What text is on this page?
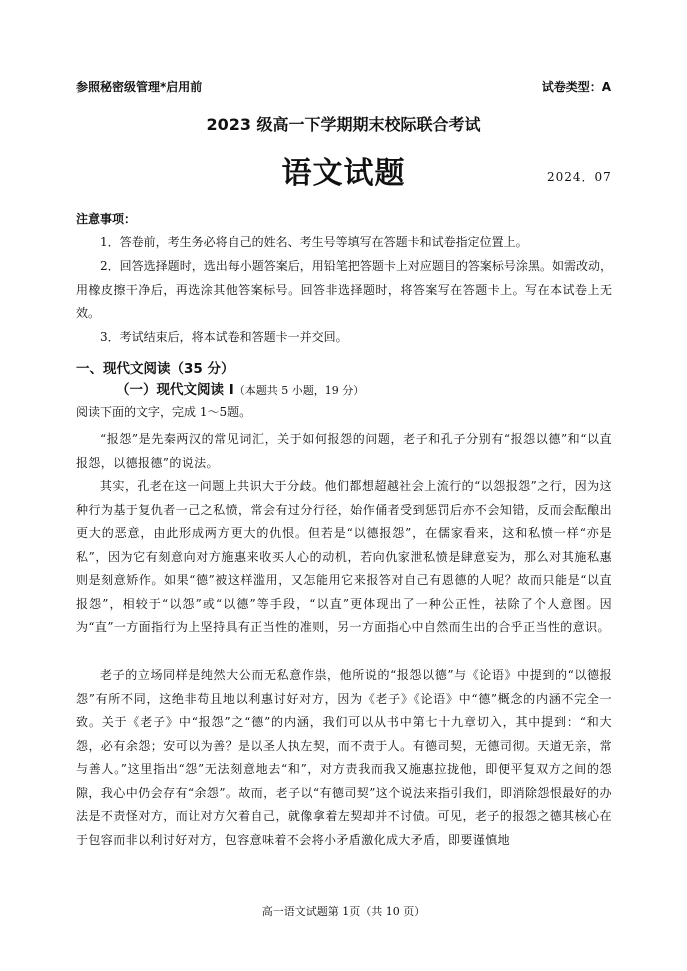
参照秘密级管理*启用前	试卷类型：A
2023 级高一下学期期末校际联合考试
语文试题	2024．07
注意事项：
1．答卷前，考生务必将自己的姓名、考生号等填写在答题卡和试卷指定位置上。
2．回答选择题时，选出每小题答案后，用铅笔把答题卡上对应题目的答案标号涂黑。如需改动，用橡皮擦干净后，再选涂其他答案标号。回答非选择题时，将答案写在答题卡上。写在本试卷上无效。
3．考试结束后，将本试卷和答题卡一并交回。
一、现代文阅读（35 分）
（一）现代文阅读 Ⅰ（本题共 5 小题，19 分）
阅读下面的文字，完成 1～5题。
“报怨”是先秦两汉的常见词汇，关于如何报怨的问题，老子和孔子分别有“报怨以德”和“以直报怨，以德报德”的说法。
其实，孔老在这一问题上共识大于分歧。他们都想超越社会上流行的“以怨报怨”之行，因为这种行为基于复仇者一己之私愤，常会有过分行径，始作俑者受到惩罚后亦不会知错，反而会酝酿出更大的恶意，由此形成两方更大的仇恨。但若是“以德报怨”，在儒家看来，这和私愤一样“亦是私”，因为它有刻意向对方施惠来收买人心的动机，若向仇家泄私愤是肆意妄为，那么对其施私惠则是刻意矫作。如果“德”被这样滥用，又怎能用它来报答对自己有恩德的人呢？故而只能是“以直报怨”，相较于“以怨”或“以德”等手段，“以直”更体现出了一种公正性，祛除了个人意图。因为“直”一方面指行为上坚持具有正当性的准则，另一方面指心中自然而生出的合乎正当性的意识。
老子的立场同样是纯然大公而无私意作祟，他所说的“报怨以德”与《论语》中提到的“以德报怨”有所不同，这绝非苟且地以利惠讨好对方，因为《老子》《论语》中“德”概念的内涵不完全一致。关于《老子》中“报怨”之“德”的内涵，我们可以从书中第七十九章切入，其中提到：“和大怨，必有余怨；安可以为善？是以圣人执左契，而不责于人。有德司契，无德司彻。天道无亲，常与善人。”这里指出“怨”无法刻意地去“和”，对方责我而我又施惠拉拢他，即便平复双方之间的怨隙，我心中仍会存有“余怨”。故而，老子以“有德司契”这个说法来指引我们，即消除怨恨最好的办法是不责怪对方，而让对方欠着自己，就像拿着左契却并不讨债。可见，老子的报怨之德其核心在于包容而非以利讨好对方，包容意味着不会将小矛盾激化成大矛盾，即要谨慎地
高一语文试题第 1页（共 10 页）
